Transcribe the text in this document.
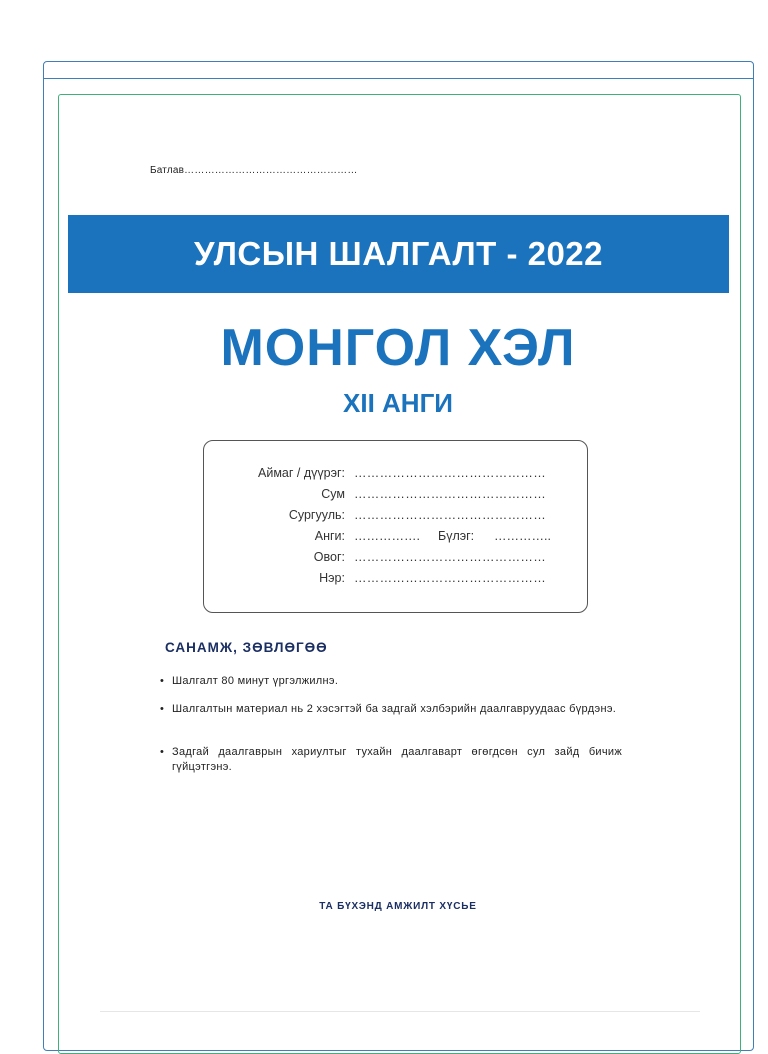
Батлав……………………………………………
УЛСЫН ШАЛГАЛТ - 2022
МОНГОЛ ХЭЛ
XII АНГИ
Аймаг / дүүрэг: ………………………………………
Сум ………………………………………
Сургууль: ………………………………………
Анги: ……………. Бүлэг: …………..
Овог: ………………………………………
Нэр: ………………………………………
САНАМЖ, ЗӨВЛӨГӨӨ
• Шалгалт 80 минут үргэлжилнэ.
• Шалгалтын материал нь 2 хэсэгтэй ба задгай хэлбэрийн даалгавруудаас бүрдэнэ.
• Задгай даалгаврын хариултыг тухайн даалгаварт өгөгдсөн сул зайд бичиж гүйцэтгэнэ.
ТА БҮХЭНД АМЖИЛТ ХҮСЬЕ
